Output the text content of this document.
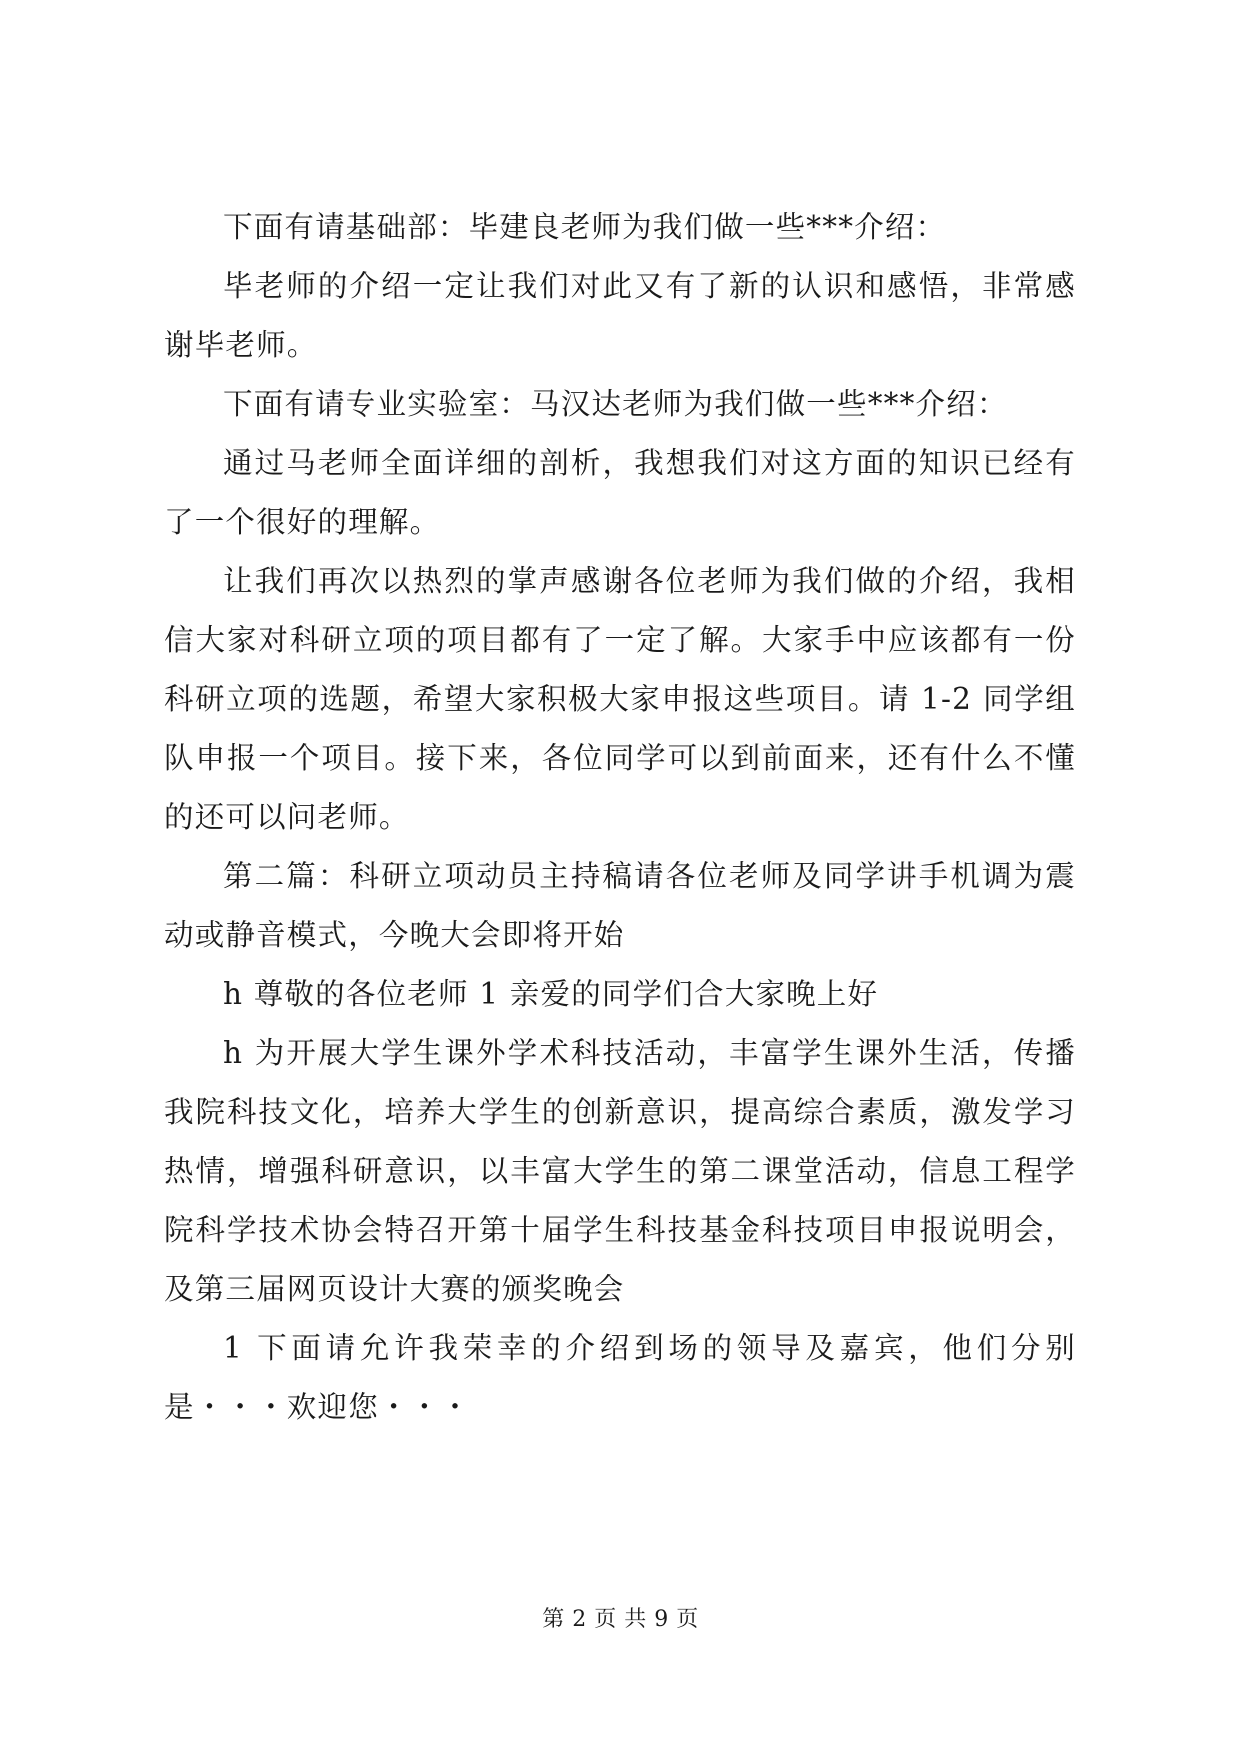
下面有请基础部：毕建良老师为我们做一些***介绍：

毕老师的介绍一定让我们对此又有了新的认识和感悟，非常感谢毕老师。

下面有请专业实验室：马汉达老师为我们做一些***介绍：

通过马老师全面详细的剖析，我想我们对这方面的知识已经有了一个很好的理解。

让我们再次以热烈的掌声感谢各位老师为我们做的介绍，我相信大家对科研立项的项目都有了一定了解。大家手中应该都有一份科研立项的选题，希望大家积极大家申报这些项目。请 1-2 同学组队申报一个项目。接下来，各位同学可以到前面来，还有什么不懂的还可以问老师。

第二篇：科研立项动员主持稿请各位老师及同学讲手机调为震动或静音模式，今晚大会即将开始

h 尊敬的各位老师 1 亲爱的同学们合大家晚上好

h 为开展大学生课外学术科技活动，丰富学生课外生活，传播我院科技文化，培养大学生的创新意识，提高综合素质，激发学习热情，增强科研意识，以丰富大学生的第二课堂活动，信息工程学院科学技术协会特召开第十届学生科技基金科技项目申报说明会，及第三届网页设计大赛的颁奖晚会

1 下面请允许我荣幸的介绍到场的领导及嘉宾，他们分别是・・・欢迎您・・・

第 2 页 共 9 页
